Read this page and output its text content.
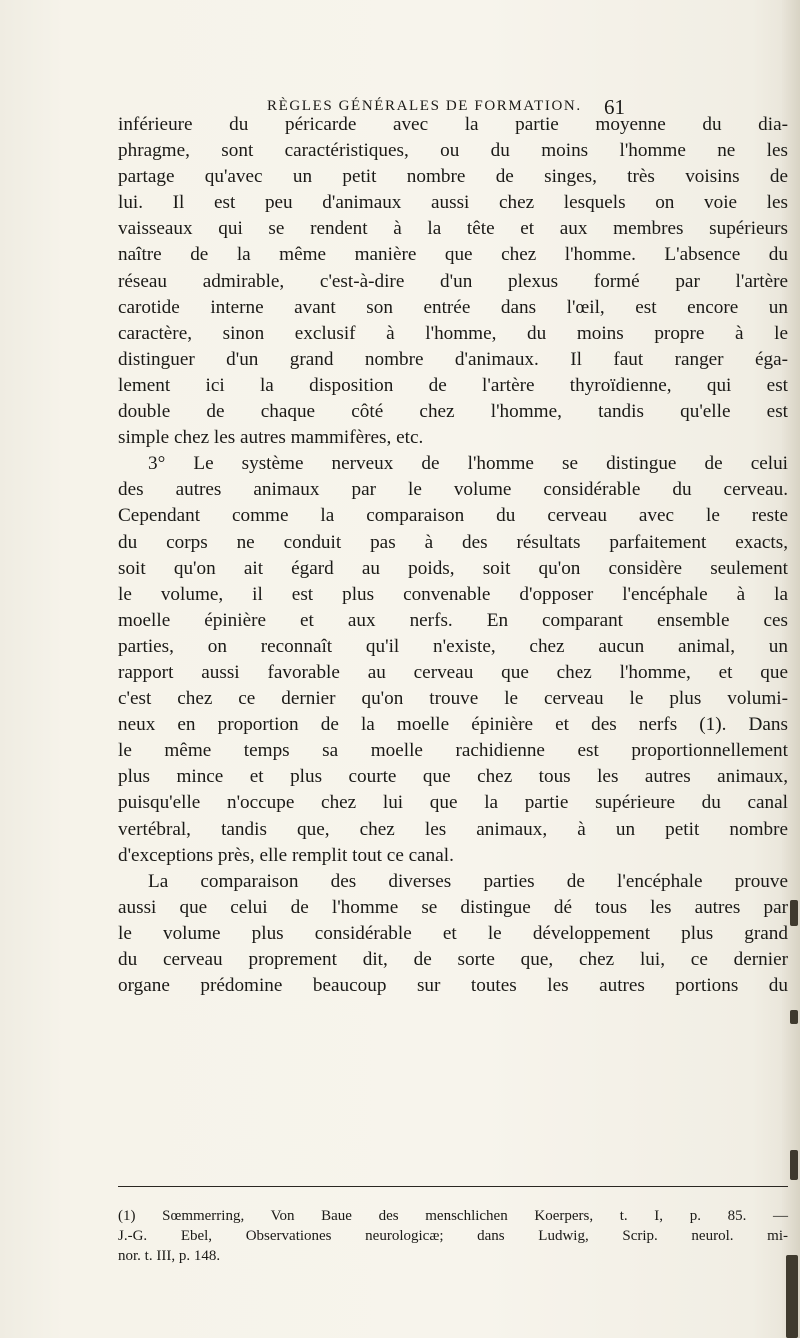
RÈGLES GÉNÉRALES DE FORMATION. 61
inférieure du péricarde avec la partie moyenne du dia-
phragme, sont caractéristiques, ou du moins l'homme ne les
partage qu'avec un petit nombre de singes, très voisins de
lui. Il est peu d'animaux aussi chez lesquels on voie les
vaisseaux qui se rendent à la tête et aux membres supérieurs
naître de la même manière que chez l'homme. L'absence du
réseau admirable, c'est-à-dire d'un plexus formé par l'artère
carotide interne avant son entrée dans l'œil, est encore un
caractère, sinon exclusif à l'homme, du moins propre à le
distinguer d'un grand nombre d'animaux. Il faut ranger éga-
lement ici la disposition de l'artère thyroïdienne, qui est
double de chaque côté chez l'homme, tandis qu'elle est
simple chez les autres mammifères, etc.
3° Le système nerveux de l'homme se distingue de celui
des autres animaux par le volume considérable du cerveau.
Cependant comme la comparaison du cerveau avec le reste
du corps ne conduit pas à des résultats parfaitement exacts,
soit qu'on ait égard au poids, soit qu'on considère seulement
le volume, il est plus convenable d'opposer l'encéphale à la
moelle épinière et aux nerfs. En comparant ensemble ces
parties, on reconnaît qu'il n'existe, chez aucun animal, un
rapport aussi favorable au cerveau que chez l'homme, et que
c'est chez ce dernier qu'on trouve le cerveau le plus volumi-
neux en proportion de la moelle épinière et des nerfs (1). Dans
le même temps sa moelle rachidienne est proportionnellement
plus mince et plus courte que chez tous les autres animaux,
puisqu'elle n'occupe chez lui que la partie supérieure du canal
vertébral, tandis que, chez les animaux, à un petit nombre
d'exceptions près, elle remplit tout ce canal.
La comparaison des diverses parties de l'encéphale prouve
aussi que celui de l'homme se distingue dé tous les autres par
le volume plus considérable et le développement plus grand
du cerveau proprement dit, de sorte que, chez lui, ce dernier
organe prédomine beaucoup sur toutes les autres portions du
(1) Sœmmerring, Von Baue des menschlichen Koerpers, t. I, p. 85. —
J.-G. Ebel, Observationes neurologicæ; dans Ludwig, Scrip. neurol. mi-
nor. t. III, p. 148.
